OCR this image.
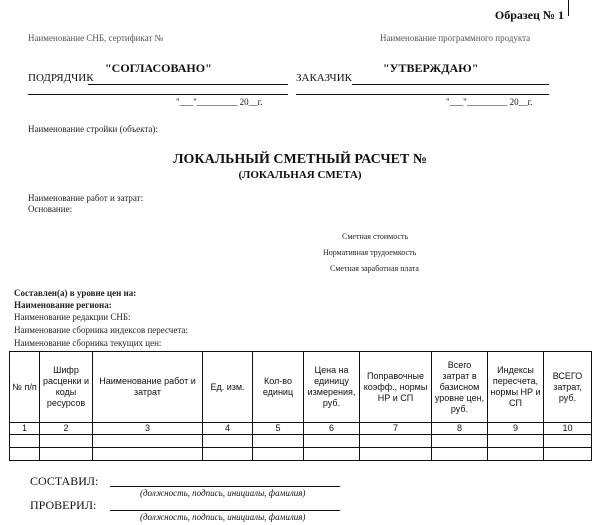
Образец № 1
Наименование СНБ, сертификат №	Наименование программного продукта
"СОГЛАСОВАНО"
ПОДРЯДЧИК
"___"_________ 20__г.
"УТВЕРЖДАЮ"
ЗАКАЗЧИК
"___"_________ 20__г.
Наименование стройки (объекта):
ЛОКАЛЬНЫЙ СМЕТНЫЙ РАСЧЕТ №
(ЛОКАЛЬНАЯ СМЕТА)
Наименование работ и затрат:
Основание:
Сметная стоимость
Нормативная трудоемкость
Сметная заработная плата
Составлен(а) в уровне цен на:
Наименование региона:
Наименование редакции СНБ:
Наименование сборника индексов пересчета:
Наименование сборника текущих цен:
№ п/п	Шифр расценки и коды ресурсов	Наименование работ и затрат	Ед. изм.	Кол-во единиц	Цена на единицу измерения, руб.	Поправочные коэфф., нормы НР и СП	Всего затрат в базисном уровне цен, руб.	Индексы пересчета, нормы НР и СП	ВСЕГО затрат, руб.
1	2	3	4	5	6	7	8	9	10

СОСТАВИЛ:
(должность, подпись, инициалы, фамилия)
ПРОВЕРИЛ:
(должность, подпись, инициалы, фамилия)
